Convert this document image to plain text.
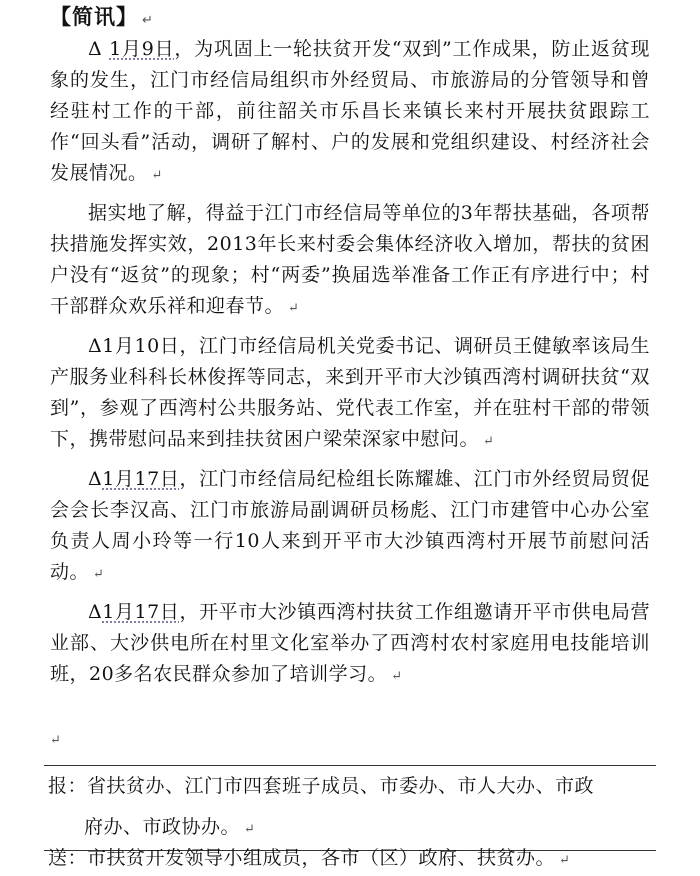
【简讯】 ↵

Δ 1月9日，为巩固上一轮扶贫开发“双到”工作成果，防止返贫现象的发生，江门市经信局组织市外经贸局、市旅游局的分管领导和曾经驻村工作的干部，前往韶关市乐昌长来镇长来村开展扶贫跟踪工作“回头看”活动，调研了解村、户的发展和党组织建设、村经济社会发展情况。 ↵

据实地了解，得益于江门市经信局等单位的3年帮扶基础，各项帮扶措施发挥实效，2013年长来村委会集体经济收入增加，帮扶的贫困户没有“返贫”的现象；村“两委”换届选举准备工作正有序进行中；村干部群众欢乐祥和迎春节。 ↵

Δ1月10日，江门市经信局机关党委书记、调研员王健敏率该局生产服务业科科长林俊挥等同志，来到开平市大沙镇西湾村调研扶贫“双到”，参观了西湾村公共服务站、党代表工作室，并在驻村干部的带领下，携带慰问品来到挂扶贫困户梁荣深家中慰问。 ↵

Δ1月17日，江门市经信局纪检组长陈耀雄、江门市外经贸局贸促会会长李汉高、江门市旅游局副调研员杨彪、江门市建管中心办公室负责人周小玲等一行10人来到开平市大沙镇西湾村开展节前慰问活动。 ↵

Δ1月17日，开平市大沙镇西湾村扶贫工作组邀请开平市供电局营业部、大沙供电所在村里文化室举办了西湾村农村家庭用电技能培训班，20多名农民群众参加了培训学习。 ↵

↵
报：省扶贫办、江门市四套班子成员、市委办、市人大办、市政
府办、市政协办。 ↵
送：市扶贫开发领导小组成员，各市（区）政府、扶贫办。 ↵
